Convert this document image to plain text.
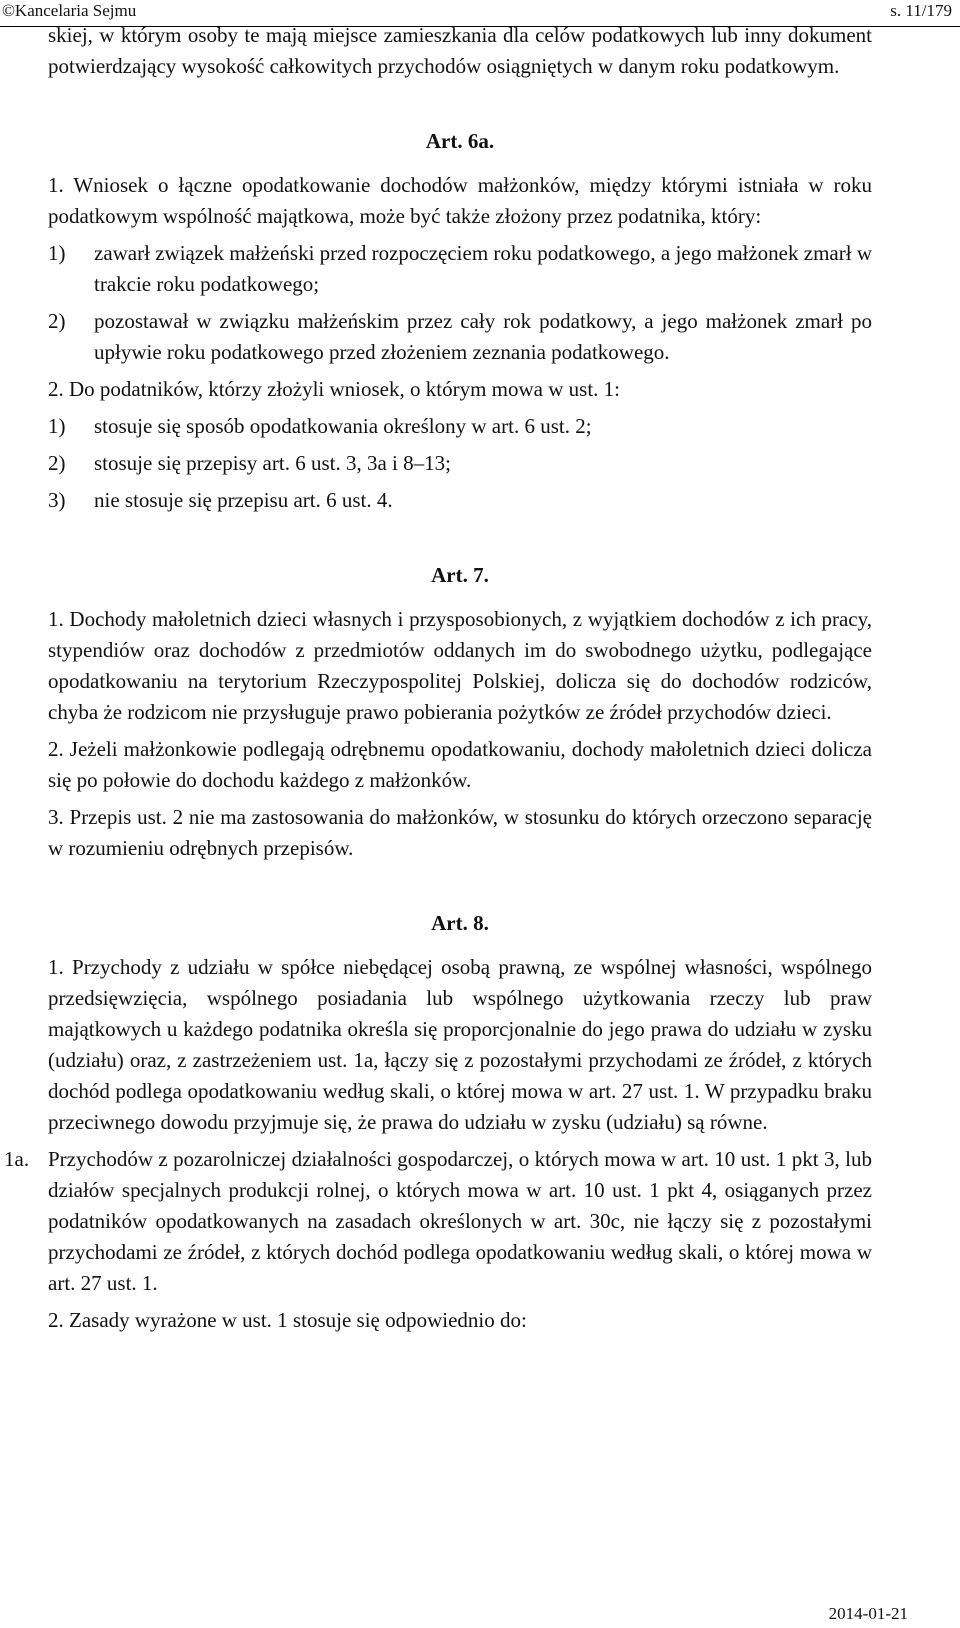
©Kancelaria Sejmu	s. 11/179

skiej, w którym osoby te mają miejsce zamieszkania dla celów podatkowych lub inny dokument potwierdzający wysokość całkowitych przychodów osiągniętych w danym roku podatkowym.

Art. 6a.

1. Wniosek o łączne opodatkowanie dochodów małżonków, między którymi istniała w roku podatkowym wspólność majątkowa, może być także złożony przez podatnika, który:

1) zawarł związek małżeński przed rozpoczęciem roku podatkowego, a jego małżonek zmarł w trakcie roku podatkowego;
2) pozostawał w związku małżeńskim przez cały rok podatkowy, a jego małżonek zmarł po upływie roku podatkowego przed złożeniem zeznania podatkowego.

2. Do podatników, którzy złożyli wniosek, o którym mowa w ust. 1:

1) stosuje się sposób opodatkowania określony w art. 6 ust. 2;
2) stosuje się przepisy art. 6 ust. 3, 3a i 8–13;
3) nie stosuje się przepisu art. 6 ust. 4.
Art. 7.

1. Dochody małoletnich dzieci własnych i przysposobionych, z wyjątkiem dochodów z ich pracy, stypendiów oraz dochodów z przedmiotów oddanych im do swobodnego użytku, podlegające opodatkowaniu na terytorium Rzeczypospolitej Polskiej, dolicza się do dochodów rodziców, chyba że rodzicom nie przysługuje prawo pobierania pożytków ze źródeł przychodów dzieci.

2. Jeżeli małżonkowie podlegają odrębnemu opodatkowaniu, dochody małoletnich dzieci dolicza się po połowie do dochodu każdego z małżonków.

3. Przepis ust. 2 nie ma zastosowania do małżonków, w stosunku do których orzeczono separację w rozumieniu odrębnych przepisów.

Art. 8.

1. Przychody z udziału w spółce niebędącej osobą prawną, ze wspólnej własności, wspólnego przedsięwzięcia, wspólnego posiadania lub wspólnego użytkowania rzeczy lub praw majątkowych u każdego podatnika określa się proporcjonalnie do jego prawa do udziału w zysku (udziału) oraz, z zastrzeżeniem ust. 1a, łączy się z pozostałymi przychodami ze źródeł, z których dochód podlega opodatkowaniu według skali, o której mowa w art. 27 ust. 1. W przypadku braku przeciwnego dowodu przyjmuje się, że prawa do udziału w zysku (udziału) są równe.

1a. Przychodów z pozarolniczej działalności gospodarczej, o których mowa w art. 10 ust. 1 pkt 3, lub działów specjalnych produkcji rolnej, o których mowa w art. 10 ust. 1 pkt 4, osiąganych przez podatników opodatkowanych na zasadach określonych w art. 30c, nie łączy się z pozostałymi przychodami ze źródeł, z których dochód podlega opodatkowaniu według skali, o której mowa w art. 27 ust. 1.

2. Zasady wyrażone w ust. 1 stosuje się odpowiednio do:

2014-01-21
